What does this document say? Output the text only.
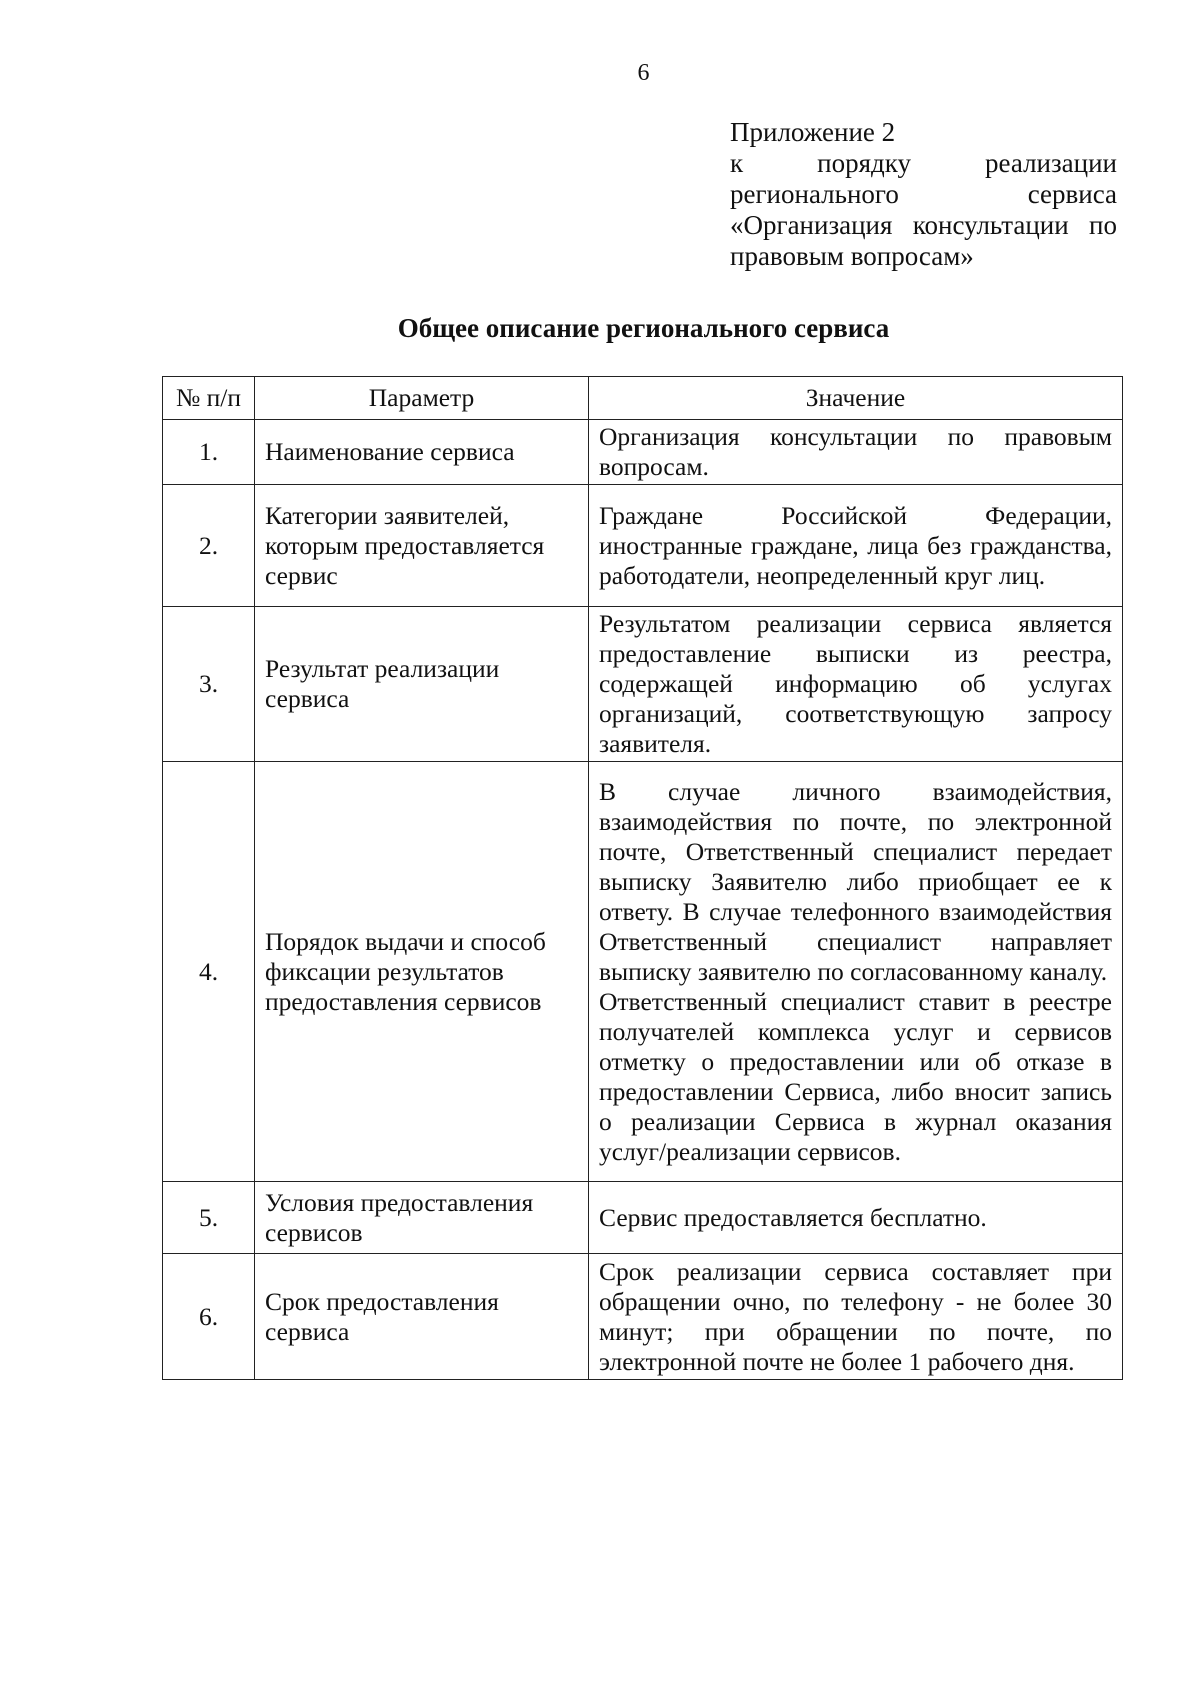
6
Приложение 2
к порядку реализации
регионального сервиса
«Организация консультации по
правовым вопросам»
Общее описание регионального сервиса
№ п/п	Параметр	Значение
1.	Наименование сервиса	Организация консультации по правовым вопросам.
2.	Категории заявителей, которым предоставляется сервис	Граждане Российской Федерации, иностранные граждане, лица без гражданства, работодатели, неопределенный круг лиц.
3.	Результат реализации сервиса	Результатом реализации сервиса является предоставление выписки из реестра, содержащей информацию об услугах организаций, соответствующую запросу заявителя.
4.	Порядок выдачи и способ фиксации результатов предоставления сервисов	В случае личного взаимодействия, взаимодействия по почте, по электронной почте, Ответственный специалист передает выписку Заявителю либо приобщает ее к ответу. В случае телефонного взаимодействия Ответственный специалист направляет выписку заявителю по согласованному каналу.
Ответственный специалист ставит в реестре получателей комплекса услуг и сервисов отметку о предоставлении или об отказе в предоставлении Сервиса, либо вносит запись о реализации Сервиса в журнал оказания услуг/реализации сервисов.

5.	Условия предоставления сервисов	Сервис предоставляется бесплатно.
6.	Срок предоставления сервиса	Срок реализации сервиса составляет при обращении очно, по телефону - не более 30 минут; при обращении по почте, по электронной почте не более 1 рабочего дня.
